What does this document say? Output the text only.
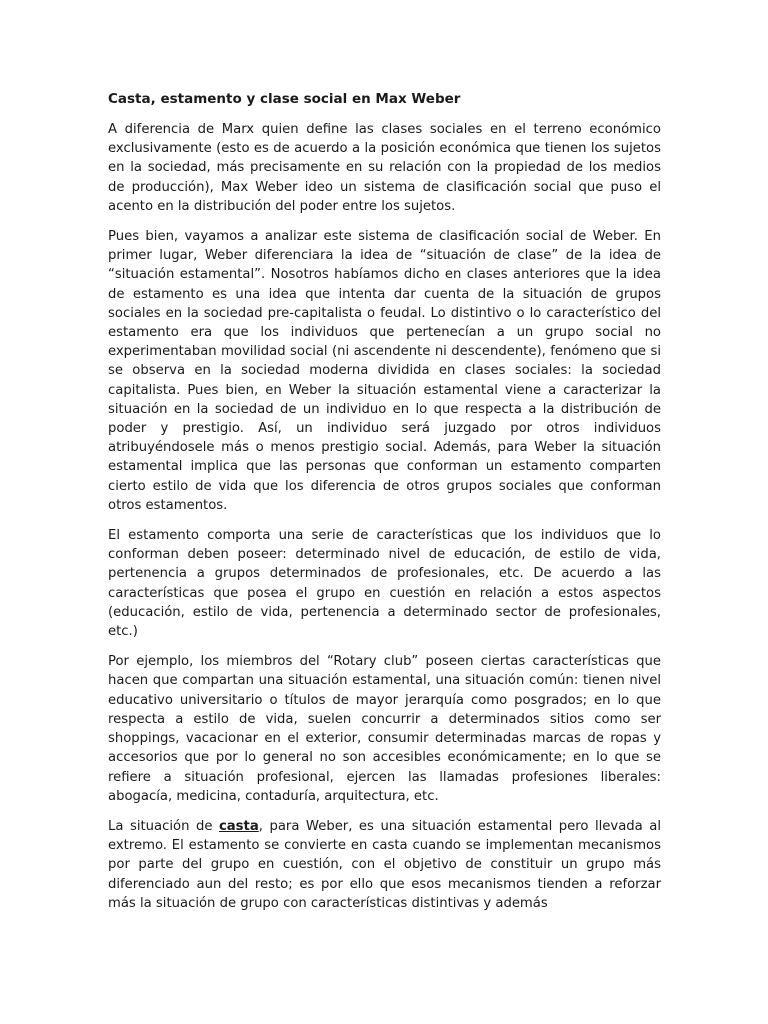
Casta, estamento y clase social en Max Weber

A diferencia de Marx quien define las clases sociales en el terreno económico exclusivamente (esto es de acuerdo a la posición económica que tienen los sujetos en la sociedad, más precisamente en su relación con la propiedad de los medios de producción), Max Weber ideo un sistema de clasificación social que puso el acento en la distribución del poder entre los sujetos.

Pues bien, vayamos a analizar este sistema de clasificación social de Weber. En primer lugar, Weber diferenciara la idea de “situación de clase” de la idea de “situación estamental”. Nosotros habíamos dicho en clases anteriores que la idea de estamento es una idea que intenta dar cuenta de la situación de grupos sociales en la sociedad pre-capitalista o feudal. Lo distintivo o lo característico del estamento era que los individuos que pertenecían a un grupo social no experimentaban movilidad social (ni ascendente ni descendente), fenómeno que si se observa en la sociedad moderna dividida en clases sociales: la sociedad capitalista. Pues bien, en Weber la situación estamental viene a caracterizar la situación en la sociedad de un individuo en lo que respecta a la distribución de poder y prestigio. Así, un individuo será juzgado por otros individuos atribuyéndosele más o menos prestigio social. Además, para Weber la situación estamental implica que las personas que conforman un estamento comparten cierto estilo de vida que los diferencia de otros grupos sociales que conforman otros estamentos.

El estamento comporta una serie de características que los individuos que lo conforman deben poseer: determinado nivel de educación, de estilo de vida, pertenencia a grupos determinados de profesionales, etc. De acuerdo a las características que posea el grupo en cuestión en relación a estos aspectos (educación, estilo de vida, pertenencia a determinado sector de profesionales, etc.)

Por ejemplo, los miembros del “Rotary club” poseen ciertas características que hacen que compartan una situación estamental, una situación común: tienen nivel educativo universitario o títulos de mayor jerarquía como posgrados; en lo que respecta a estilo de vida, suelen concurrir a determinados sitios como ser shoppings, vacacionar en el exterior, consumir determinadas marcas de ropas y accesorios que por lo general no son accesibles económicamente; en lo que se refiere a situación profesional, ejercen las llamadas profesiones liberales: abogacía, medicina, contaduría, arquitectura, etc.

La situación de casta, para Weber, es una situación estamental pero llevada al extremo. El estamento se convierte en casta cuando se implementan mecanismos por parte del grupo en cuestión, con el objetivo de constituir un grupo más diferenciado aun del resto; es por ello que esos mecanismos tienden a reforzar más la situación de grupo con características distintivas y además
